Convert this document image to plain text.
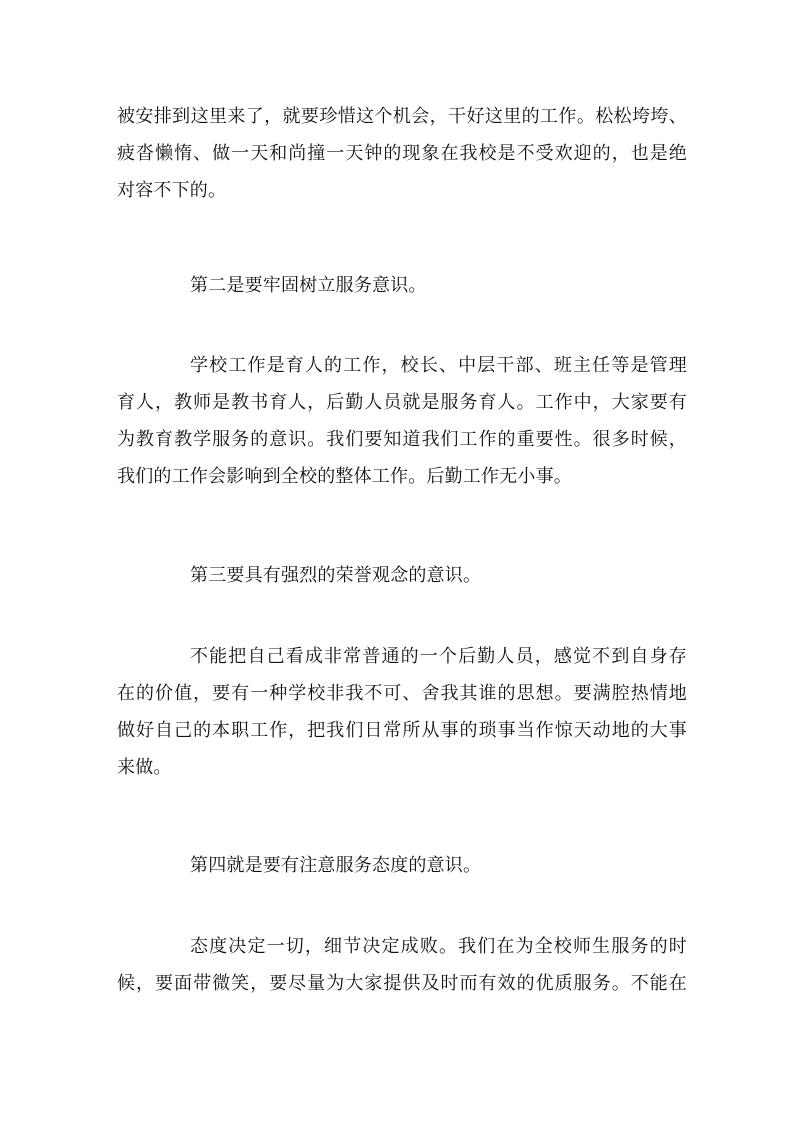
被安排到这里来了，就要珍惜这个机会，干好这里的工作。松松垮垮、
疲沓懒惰、做一天和尚撞一天钟的现象在我校是不受欢迎的，也是绝
对容不下的。
第二是要牢固树立服务意识。
学校工作是育人的工作，校长、中层干部、班主任等是管理
育人，教师是教书育人，后勤人员就是服务育人。工作中，大家要有
为教育教学服务的意识。我们要知道我们工作的重要性。很多时候，
我们的工作会影响到全校的整体工作。后勤工作无小事。
第三要具有强烈的荣誉观念的意识。
不能把自己看成非常普通的一个后勤人员，感觉不到自身存
在的价值，要有一种学校非我不可、舍我其谁的思想。要满腔热情地
做好自己的本职工作，把我们日常所从事的琐事当作惊天动地的大事
来做。
第四就是要有注意服务态度的意识。
态度决定一切，细节决定成败。我们在为全校师生服务的时
候，要面带微笑，要尽量为大家提供及时而有效的优质服务。不能在
